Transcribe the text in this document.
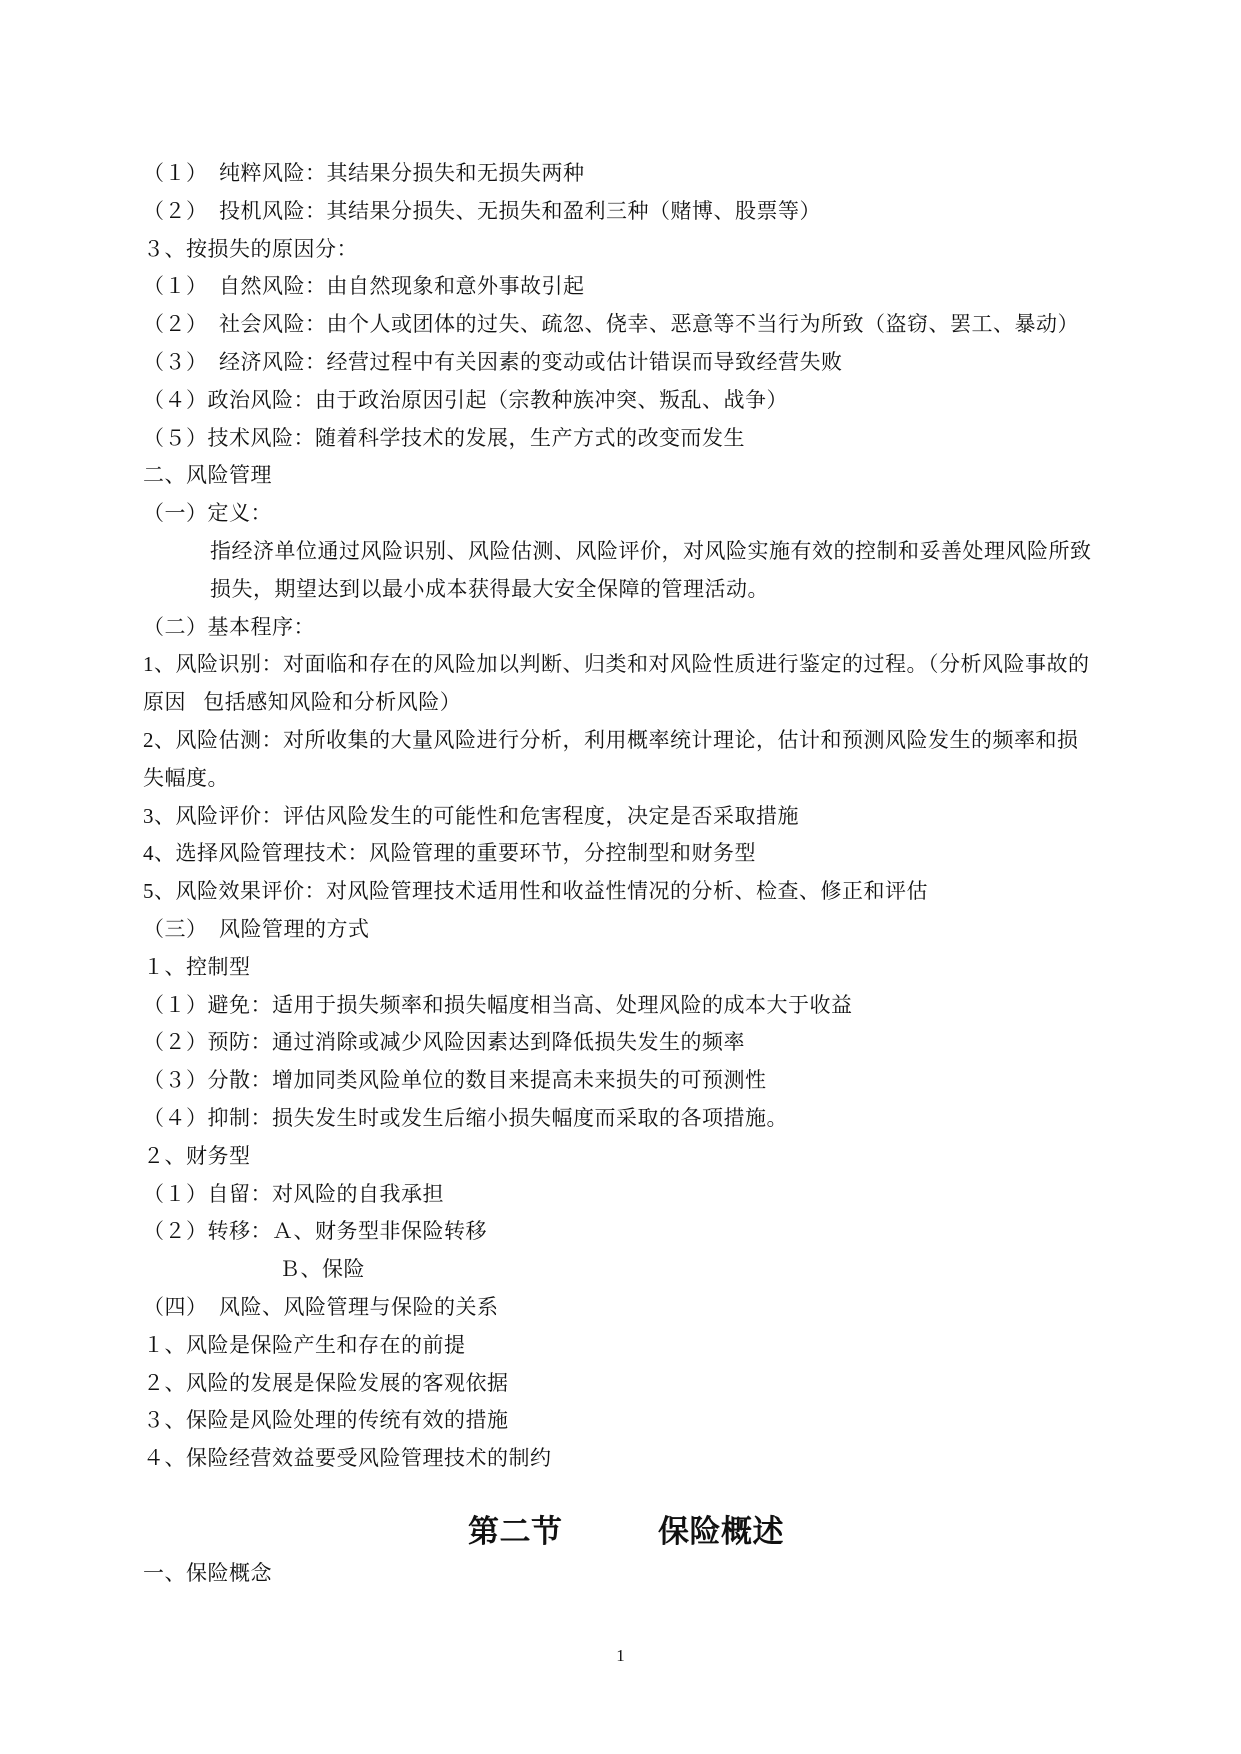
（１）  纯粹风险：其结果分损失和无损失两种
（２）  投机风险：其结果分损失、无损失和盈利三种（赌博、股票等）
３、按损失的原因分：
（１）  自然风险：由自然现象和意外事故引起
（２）  社会风险：由个人或团体的过失、疏忽、侥幸、恶意等不当行为所致（盗窃、罢工、暴动）
（３）  经济风险：经营过程中有关因素的变动或估计错误而导致经营失败
（４）政治风险：由于政治原因引起（宗教种族冲突、叛乱、战争）
（５）技术风险：随着科学技术的发展，生产方式的改变而发生
二、风险管理
（一）定义：
指经济单位通过风险识别、风险估测、风险评价，对风险实施有效的控制和妥善处理风险所致
损失，期望达到以最小成本获得最大安全保障的管理活动。
（二）基本程序：
1、风险识别：对面临和存在的风险加以判断、归类和对风险性质进行鉴定的过程。（分析风险事故的
原因   包括感知风险和分析风险）
2、风险估测：对所收集的大量风险进行分析，利用概率统计理论，估计和预测风险发生的频率和损
失幅度。
3、风险评价：评估风险发生的可能性和危害程度，决定是否采取措施
4、选择风险管理技术：风险管理的重要环节，分控制型和财务型
5、风险效果评价：对风险管理技术适用性和收益性情况的分析、检查、修正和评估
（三）  风险管理的方式
１、控制型
（１）避免：适用于损失频率和损失幅度相当高、处理风险的成本大于收益
（２）预防：通过消除或减少风险因素达到降低损失发生的频率
（３）分散：增加同类风险单位的数目来提高未来损失的可预测性
（４）抑制：损失发生时或发生后缩小损失幅度而采取的各项措施。
２、财务型
（１）自留：对风险的自我承担
（２）转移：Ａ、财务型非保险转移
Ｂ、保险
（四）  风险、风险管理与保险的关系
１、风险是保险产生和存在的前提
２、风险的发展是保险发展的客观依据
３、保险是风险处理的传统有效的措施
４、保险经营效益要受风险管理技术的制约
第二节	保险概述
一、保险概念
1
